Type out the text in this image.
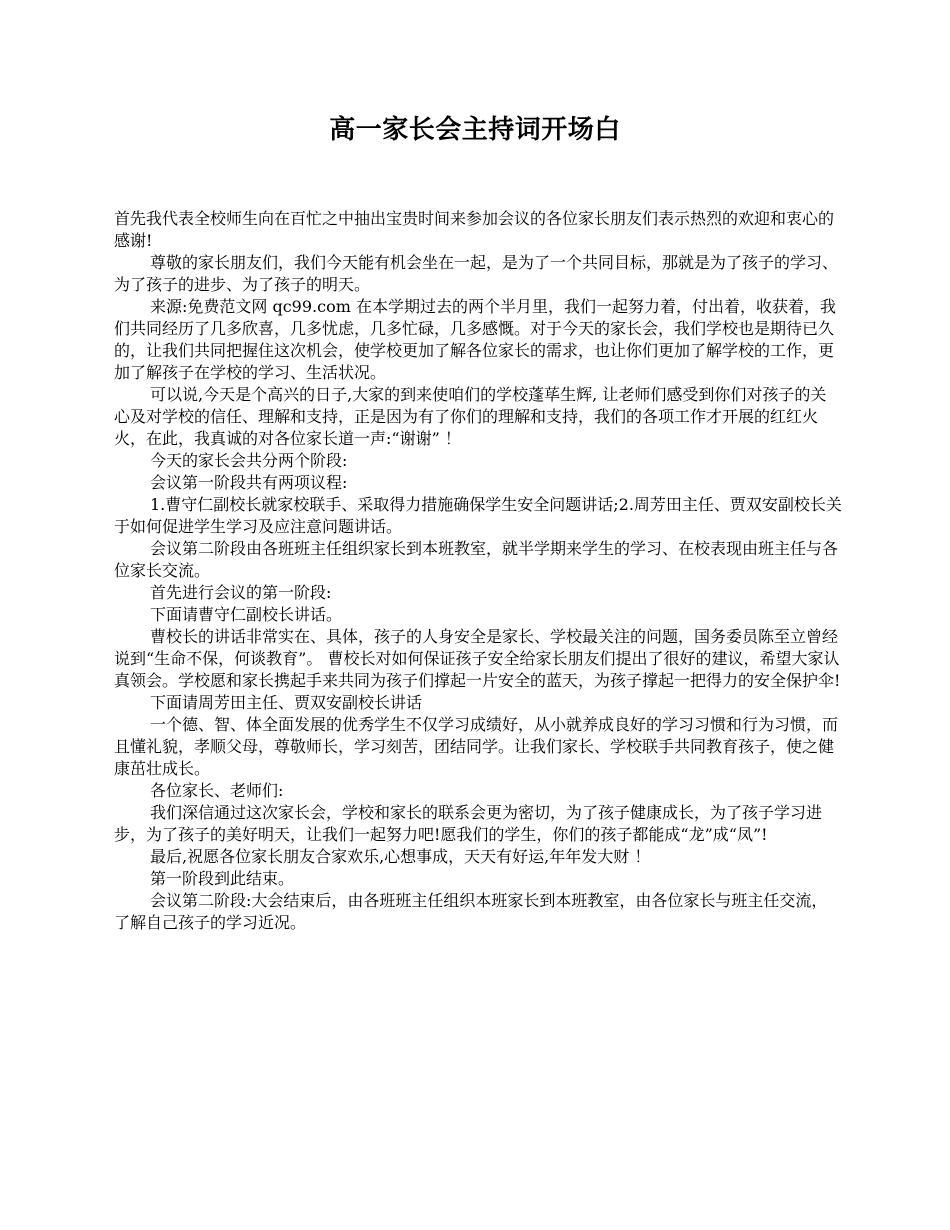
高一家长会主持词开场白

首先我代表全校师生向在百忙之中抽出宝贵时间来参加会议的各位家长朋友们表示热烈的欢迎和衷心的感谢!

尊敬的家长朋友们，我们今天能有机会坐在一起，是为了一个共同目标，那就是为了孩子的学习、为了孩子的进步、为了孩子的明天。

来源:免费范文网 qc99.com 在本学期过去的两个半月里，我们一起努力着，付出着，收获着，我们共同经历了几多欣喜，几多忧虑，几多忙碌，几多感慨。对于今天的家长会，我们学校也是期待已久的，让我们共同把握住这次机会，使学校更加了解各位家长的需求，也让你们更加了解学校的工作，更加了解孩子在学校的学习、生活状况。

可以说,今天是个高兴的日子,大家的到来使咱们的学校蓬荜生辉, 让老师们感受到你们对孩子的关心及对学校的信任、理解和支持，正是因为有了你们的理解和支持，我们的各项工作才开展的红红火火，在此，我真诚的对各位家长道一声:“谢谢” ！

今天的家长会共分两个阶段:

会议第一阶段共有两项议程:

1.曹守仁副校长就家校联手、采取得力措施确保学生安全问题讲话;2.周芳田主任、贾双安副校长关于如何促进学生学习及应注意问题讲话。

会议第二阶段由各班班主任组织家长到本班教室，就半学期来学生的学习、在校表现由班主任与各位家长交流。

首先进行会议的第一阶段:

下面请曹守仁副校长讲话。

曹校长的讲话非常实在、具体，孩子的人身安全是家长、学校最关注的问题，国务委员陈至立曾经说到“生命不保，何谈教育”。 曹校长对如何保证孩子安全给家长朋友们提出了很好的建议，希望大家认真领会。学校愿和家长携起手来共同为孩子们撑起一片安全的蓝天，为孩子撑起一把得力的安全保护伞!

下面请周芳田主任、贾双安副校长讲话

一个德、智、体全面发展的优秀学生不仅学习成绩好，从小就养成良好的学习习惯和行为习惯，而且懂礼貌，孝顺父母，尊敬师长，学习刻苦，团结同学。让我们家长、学校联手共同教育孩子，使之健康茁壮成长。

各位家长、老师们:

我们深信通过这次家长会，学校和家长的联系会更为密切，为了孩子健康成长，为了孩子学习进步，为了孩子的美好明天，让我们一起努力吧!愿我们的学生，你们的孩子都能成“龙”成“凤”!

最后,祝愿各位家长朋友合家欢乐,心想事成，天天有好运,年年发大财 ！

第一阶段到此结束。

会议第二阶段:大会结束后，由各班班主任组织本班家长到本班教室，由各位家长与班主任交流，了解自己孩子的学习近况。
